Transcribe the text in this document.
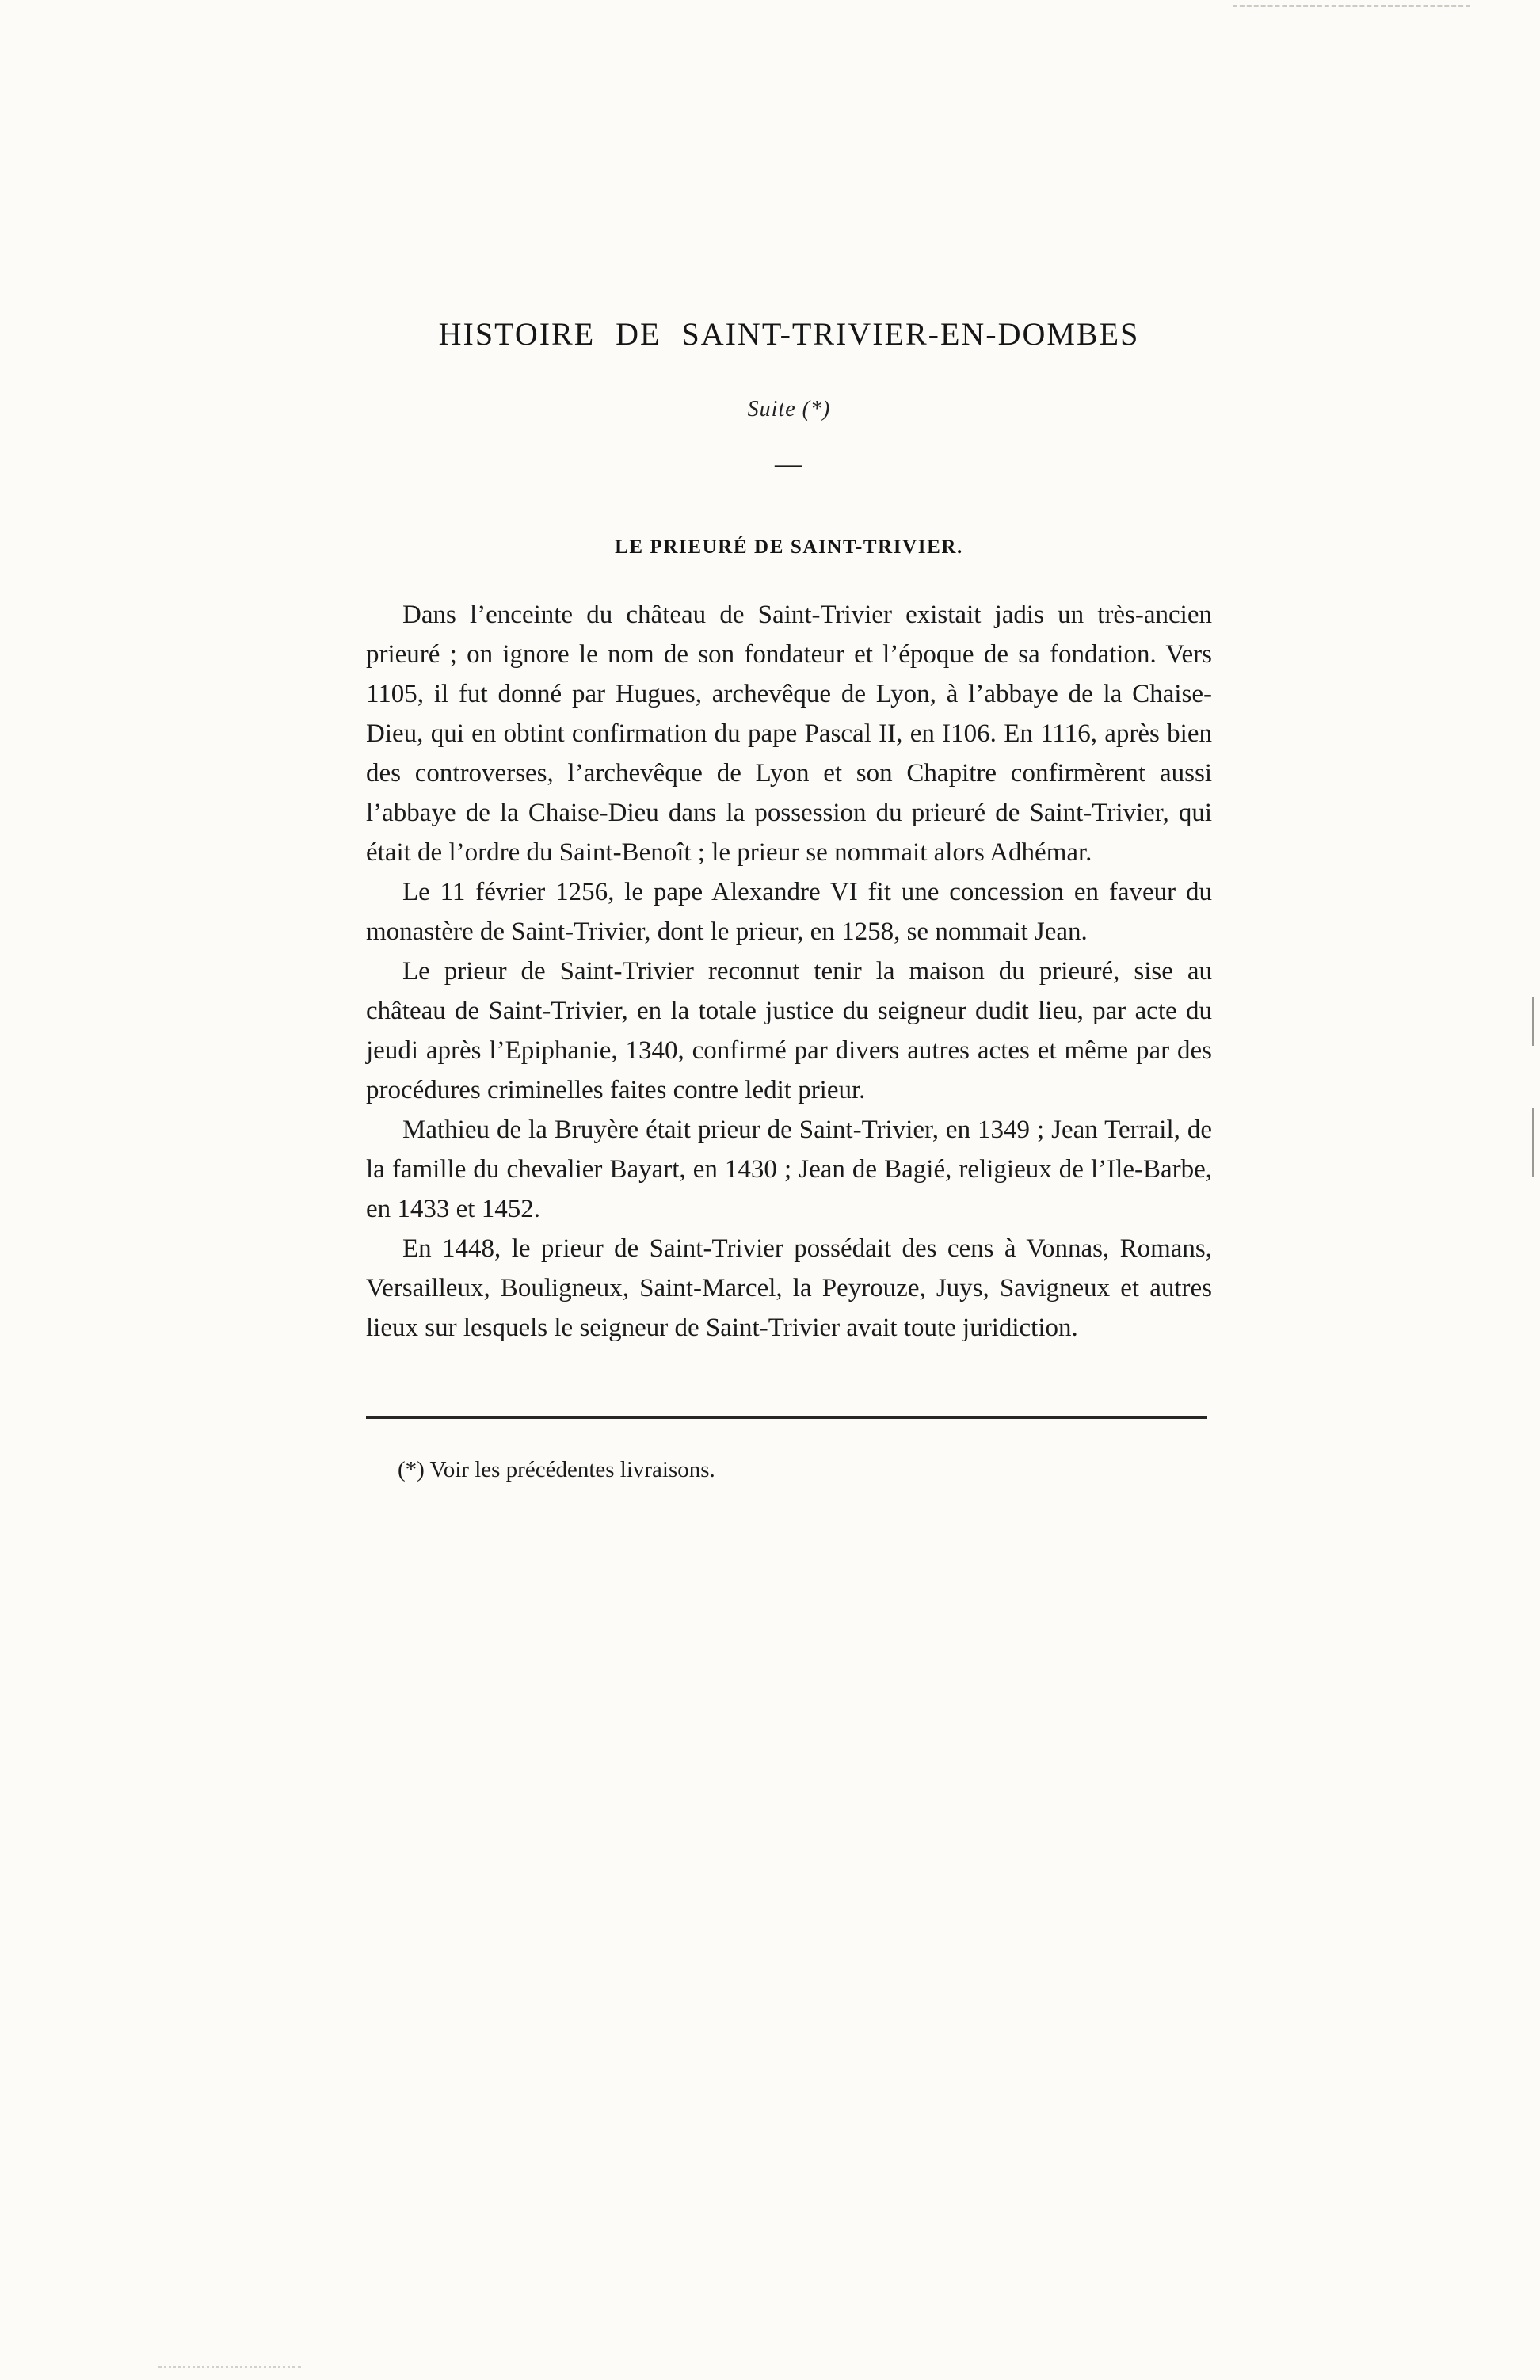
HISTOIRE DE SAINT-TRIVIER-EN-DOMBES
Suite (*)
—
LE PRIEURÉ DE SAINT-TRIVIER.

Dans l’enceinte du château de Saint-Trivier existait jadis un très-ancien prieuré ; on ignore le nom de son fondateur et l’époque de sa fondation. Vers 1105, il fut donné par Hugues, archevêque de Lyon, à l’abbaye de la Chaise-Dieu, qui en obtint confirmation du pape Pascal II, en I106. En 1116, après bien des controverses, l’archevêque de Lyon et son Chapitre confirmèrent aussi l’abbaye de la Chaise-Dieu dans la possession du prieuré de Saint-Trivier, qui était de l’ordre du Saint-Benoît ; le prieur se nommait alors Adhémar.

Le 11 février 1256, le pape Alexandre VI fit une concession en faveur du monastère de Saint-Trivier, dont le prieur, en 1258, se nommait Jean.

Le prieur de Saint-Trivier reconnut tenir la maison du prieuré, sise au château de Saint-Trivier, en la totale justice du seigneur dudit lieu, par acte du jeudi après l’Epiphanie, 1340, confirmé par divers autres actes et même par des procédures criminelles faites contre ledit prieur.

Mathieu de la Bruyère était prieur de Saint-Trivier, en 1349 ; Jean Terrail, de la famille du chevalier Bayart, en 1430 ; Jean de Bagié, religieux de l’Ile-Barbe, en 1433 et 1452.

En 1448, le prieur de Saint-Trivier possédait des cens à Vonnas, Romans, Versailleux, Bouligneux, Saint-Marcel, la Peyrouze, Juys, Savigneux et autres lieux sur lesquels le seigneur de Saint-Trivier avait toute juridiction.

(*) Voir les précédentes livraisons.
